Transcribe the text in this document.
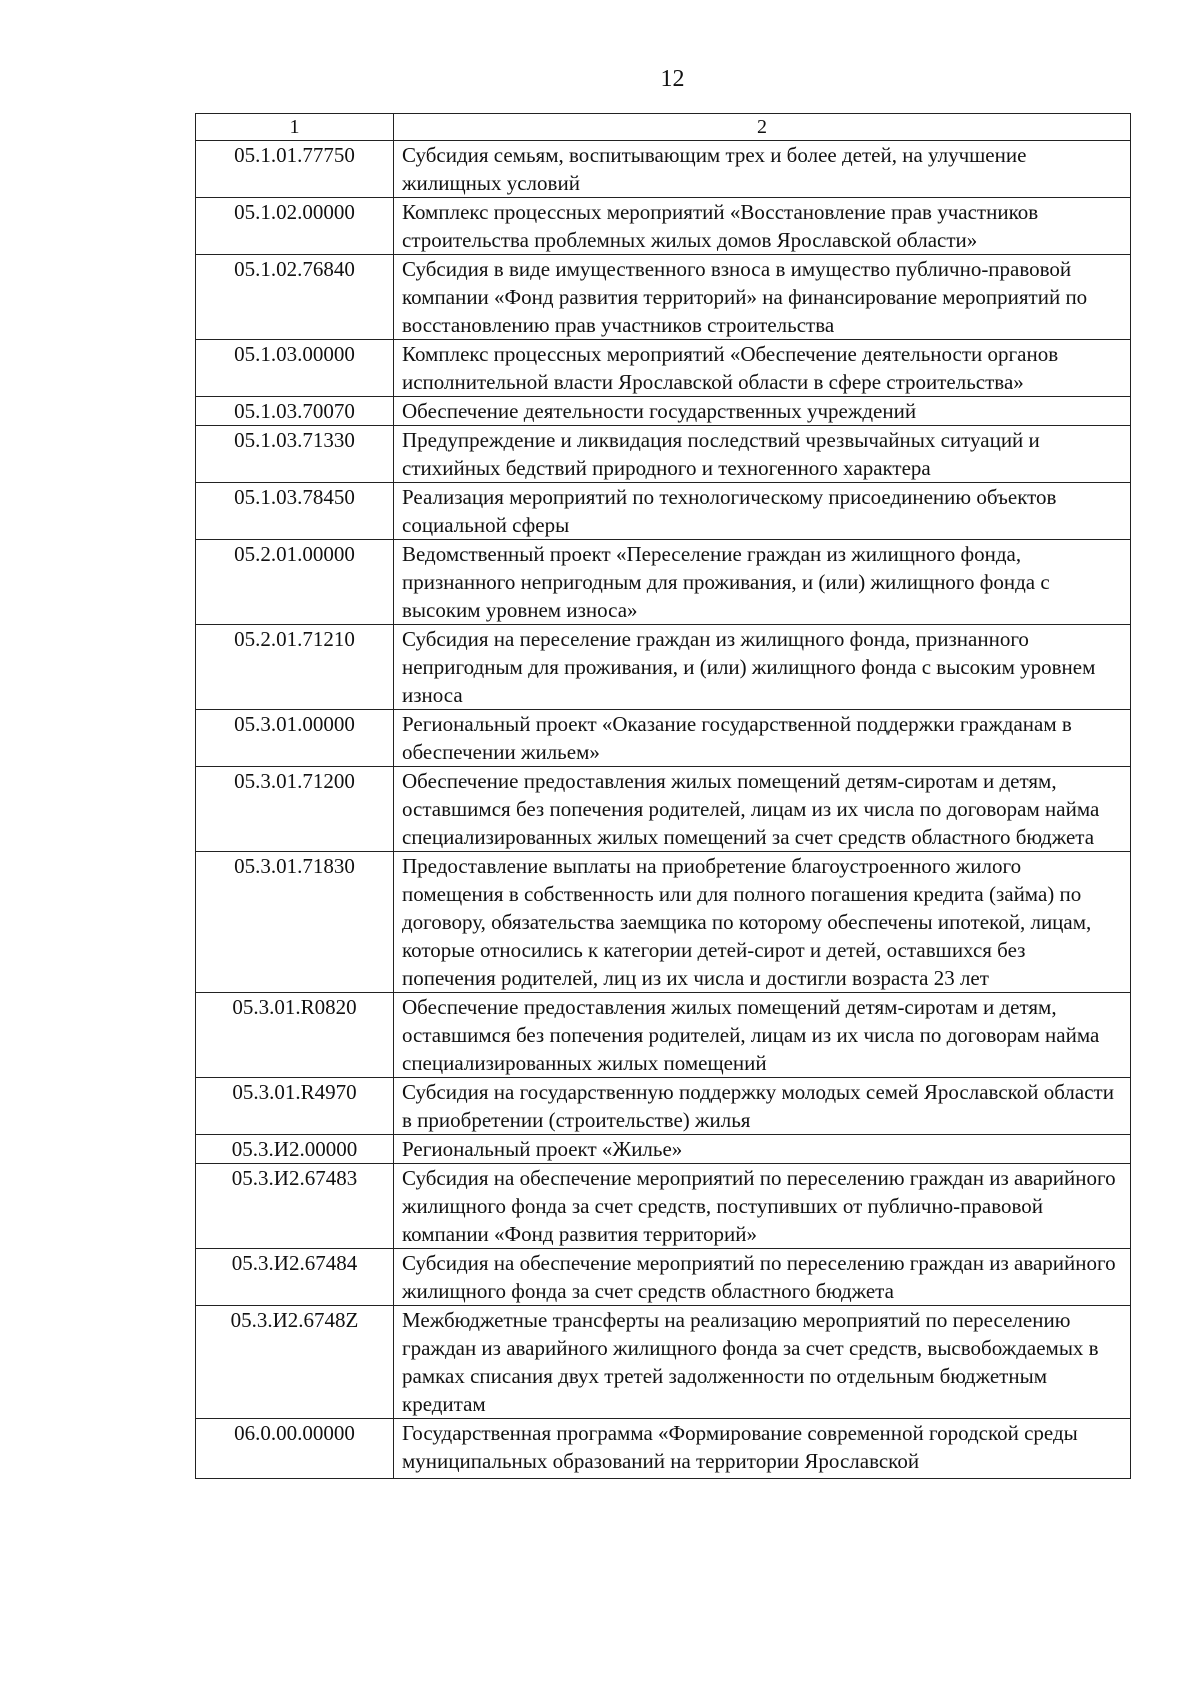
12
1	2
05.1.01.77750	Субсидия семьям, воспитывающим трех и более детей, на улучшение жилищных условий
05.1.02.00000	Комплекс процессных мероприятий «Восстановление прав участников строительства проблемных жилых домов Ярославской области»
05.1.02.76840	Субсидия в виде имущественного взноса в имущество публично-правовой компании «Фонд развития территорий» на финансирование мероприятий по восстановлению прав участников строительства
05.1.03.00000	Комплекс процессных мероприятий «Обеспечение деятельности органов исполнительной власти Ярославской области в сфере строительства»
05.1.03.70070	Обеспечение деятельности государственных учреждений
05.1.03.71330	Предупреждение и ликвидация последствий чрезвычайных ситуаций и стихийных бедствий природного и техногенного характера
05.1.03.78450	Реализация мероприятий по технологическому присоединению объектов социальной сферы
05.2.01.00000	Ведомственный проект «Переселение граждан из жилищного фонда, признанного непригодным для проживания, и (или) жилищного фонда с высоким уровнем износа»
05.2.01.71210	Субсидия на переселение граждан из жилищного фонда, признанного непригодным для проживания, и (или) жилищного фонда с высоким уровнем износа
05.3.01.00000	Региональный проект «Оказание государственной поддержки гражданам в обеспечении жильем»
05.3.01.71200	Обеспечение предоставления жилых помещений детям-сиротам и детям, оставшимся без попечения родителей, лицам из их числа по договорам найма специализированных жилых помещений за счет средств областного бюджета
05.3.01.71830	Предоставление выплаты на приобретение благоустроенного жилого помещения в собственность или для полного погашения кредита (займа) по договору, обязательства заемщика по которому обеспечены ипотекой, лицам, которые относились к категории детей-сирот и детей, оставшихся без попечения родителей, лиц из их числа и достигли возраста 23 лет
05.3.01.R0820	Обеспечение предоставления жилых помещений детям-сиротам и детям, оставшимся без попечения родителей, лицам из их числа по договорам найма специализированных жилых помещений
05.3.01.R4970	Субсидия на государственную поддержку молодых семей Ярославской области в приобретении (строительстве) жилья
05.3.И2.00000	Региональный проект «Жилье»
05.3.И2.67483	Субсидия на обеспечение мероприятий по переселению граждан из аварийного жилищного фонда за счет средств, поступивших от публично-правовой компании «Фонд развития территорий»
05.3.И2.67484	Субсидия на обеспечение мероприятий по переселению граждан из аварийного жилищного фонда за счет средств областного бюджета
05.3.И2.6748Z	Межбюджетные трансферты на реализацию мероприятий по переселению граждан из аварийного жилищного фонда за счет средств, высвобождаемых в рамках списания двух третей задолженности по отдельным бюджетным кредитам
06.0.00.00000	Государственная программа «Формирование современной городской среды муниципальных образований на территории Ярославской
